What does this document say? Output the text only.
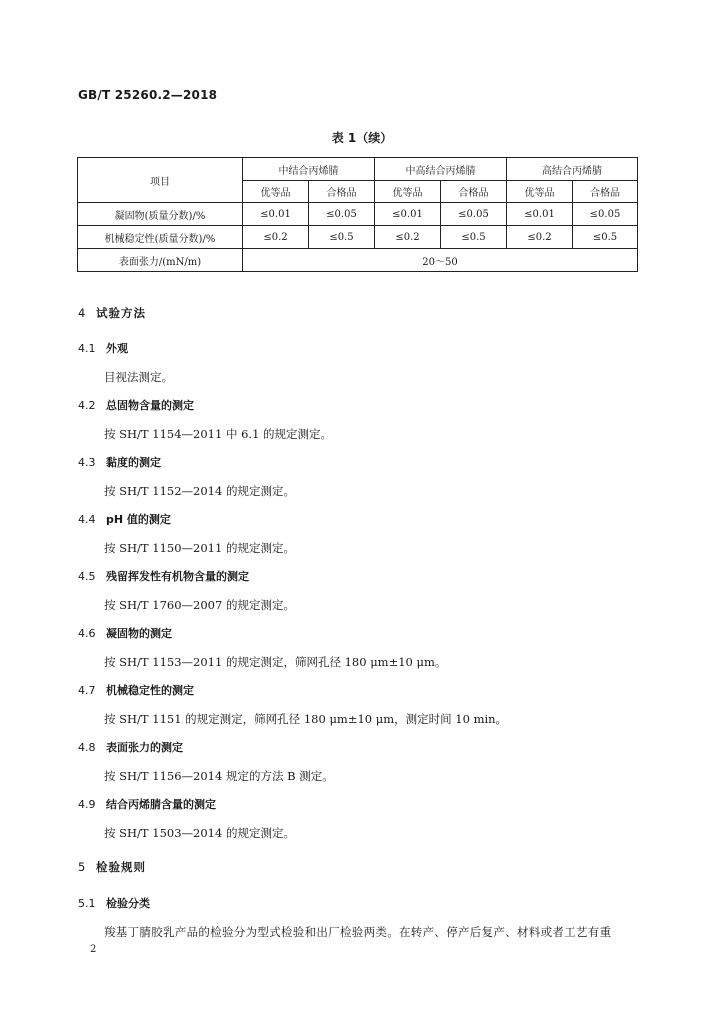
GB/T 25260.2—2018
表 1（续）
项目	中结合丙烯腈		中高结合丙烯腈		高结合丙烯腈	
	优等品	合格品	优等品	合格品	优等品	合格品
凝固物(质量分数)/%	≤0.01	≤0.05	≤0.01	≤0.05	≤0.01	≤0.05
机械稳定性(质量分数)/%	≤0.2	≤0.5	≤0.2	≤0.5	≤0.2	≤0.5
表面张力/(mN/m)	20～50					
4 试验方法
4.1 外观
目视法测定。
4.2 总固物含量的测定
按 SH/T 1154—2011 中 6.1 的规定测定。
4.3 黏度的测定
按 SH/T 1152—2014 的规定测定。
4.4 pH 值的测定
按 SH/T 1150—2011 的规定测定。
4.5 残留挥发性有机物含量的测定
按 SH/T 1760—2007 的规定测定。
4.6 凝固物的测定
按 SH/T 1153—2011 的规定测定，筛网孔径 180 μm±10 μm。
4.7 机械稳定性的测定
按 SH/T 1151 的规定测定，筛网孔径 180 μm±10 μm，测定时间 10 min。
4.8 表面张力的测定
按 SH/T 1156—2014 规定的方法 B 测定。
4.9 结合丙烯腈含量的测定
按 SH/T 1503—2014 的规定测定。
5 检验规则
5.1 检验分类
羧基丁腈胶乳产品的检验分为型式检验和出厂检验两类。在转产、停产后复产、材料或者工艺有重
2
